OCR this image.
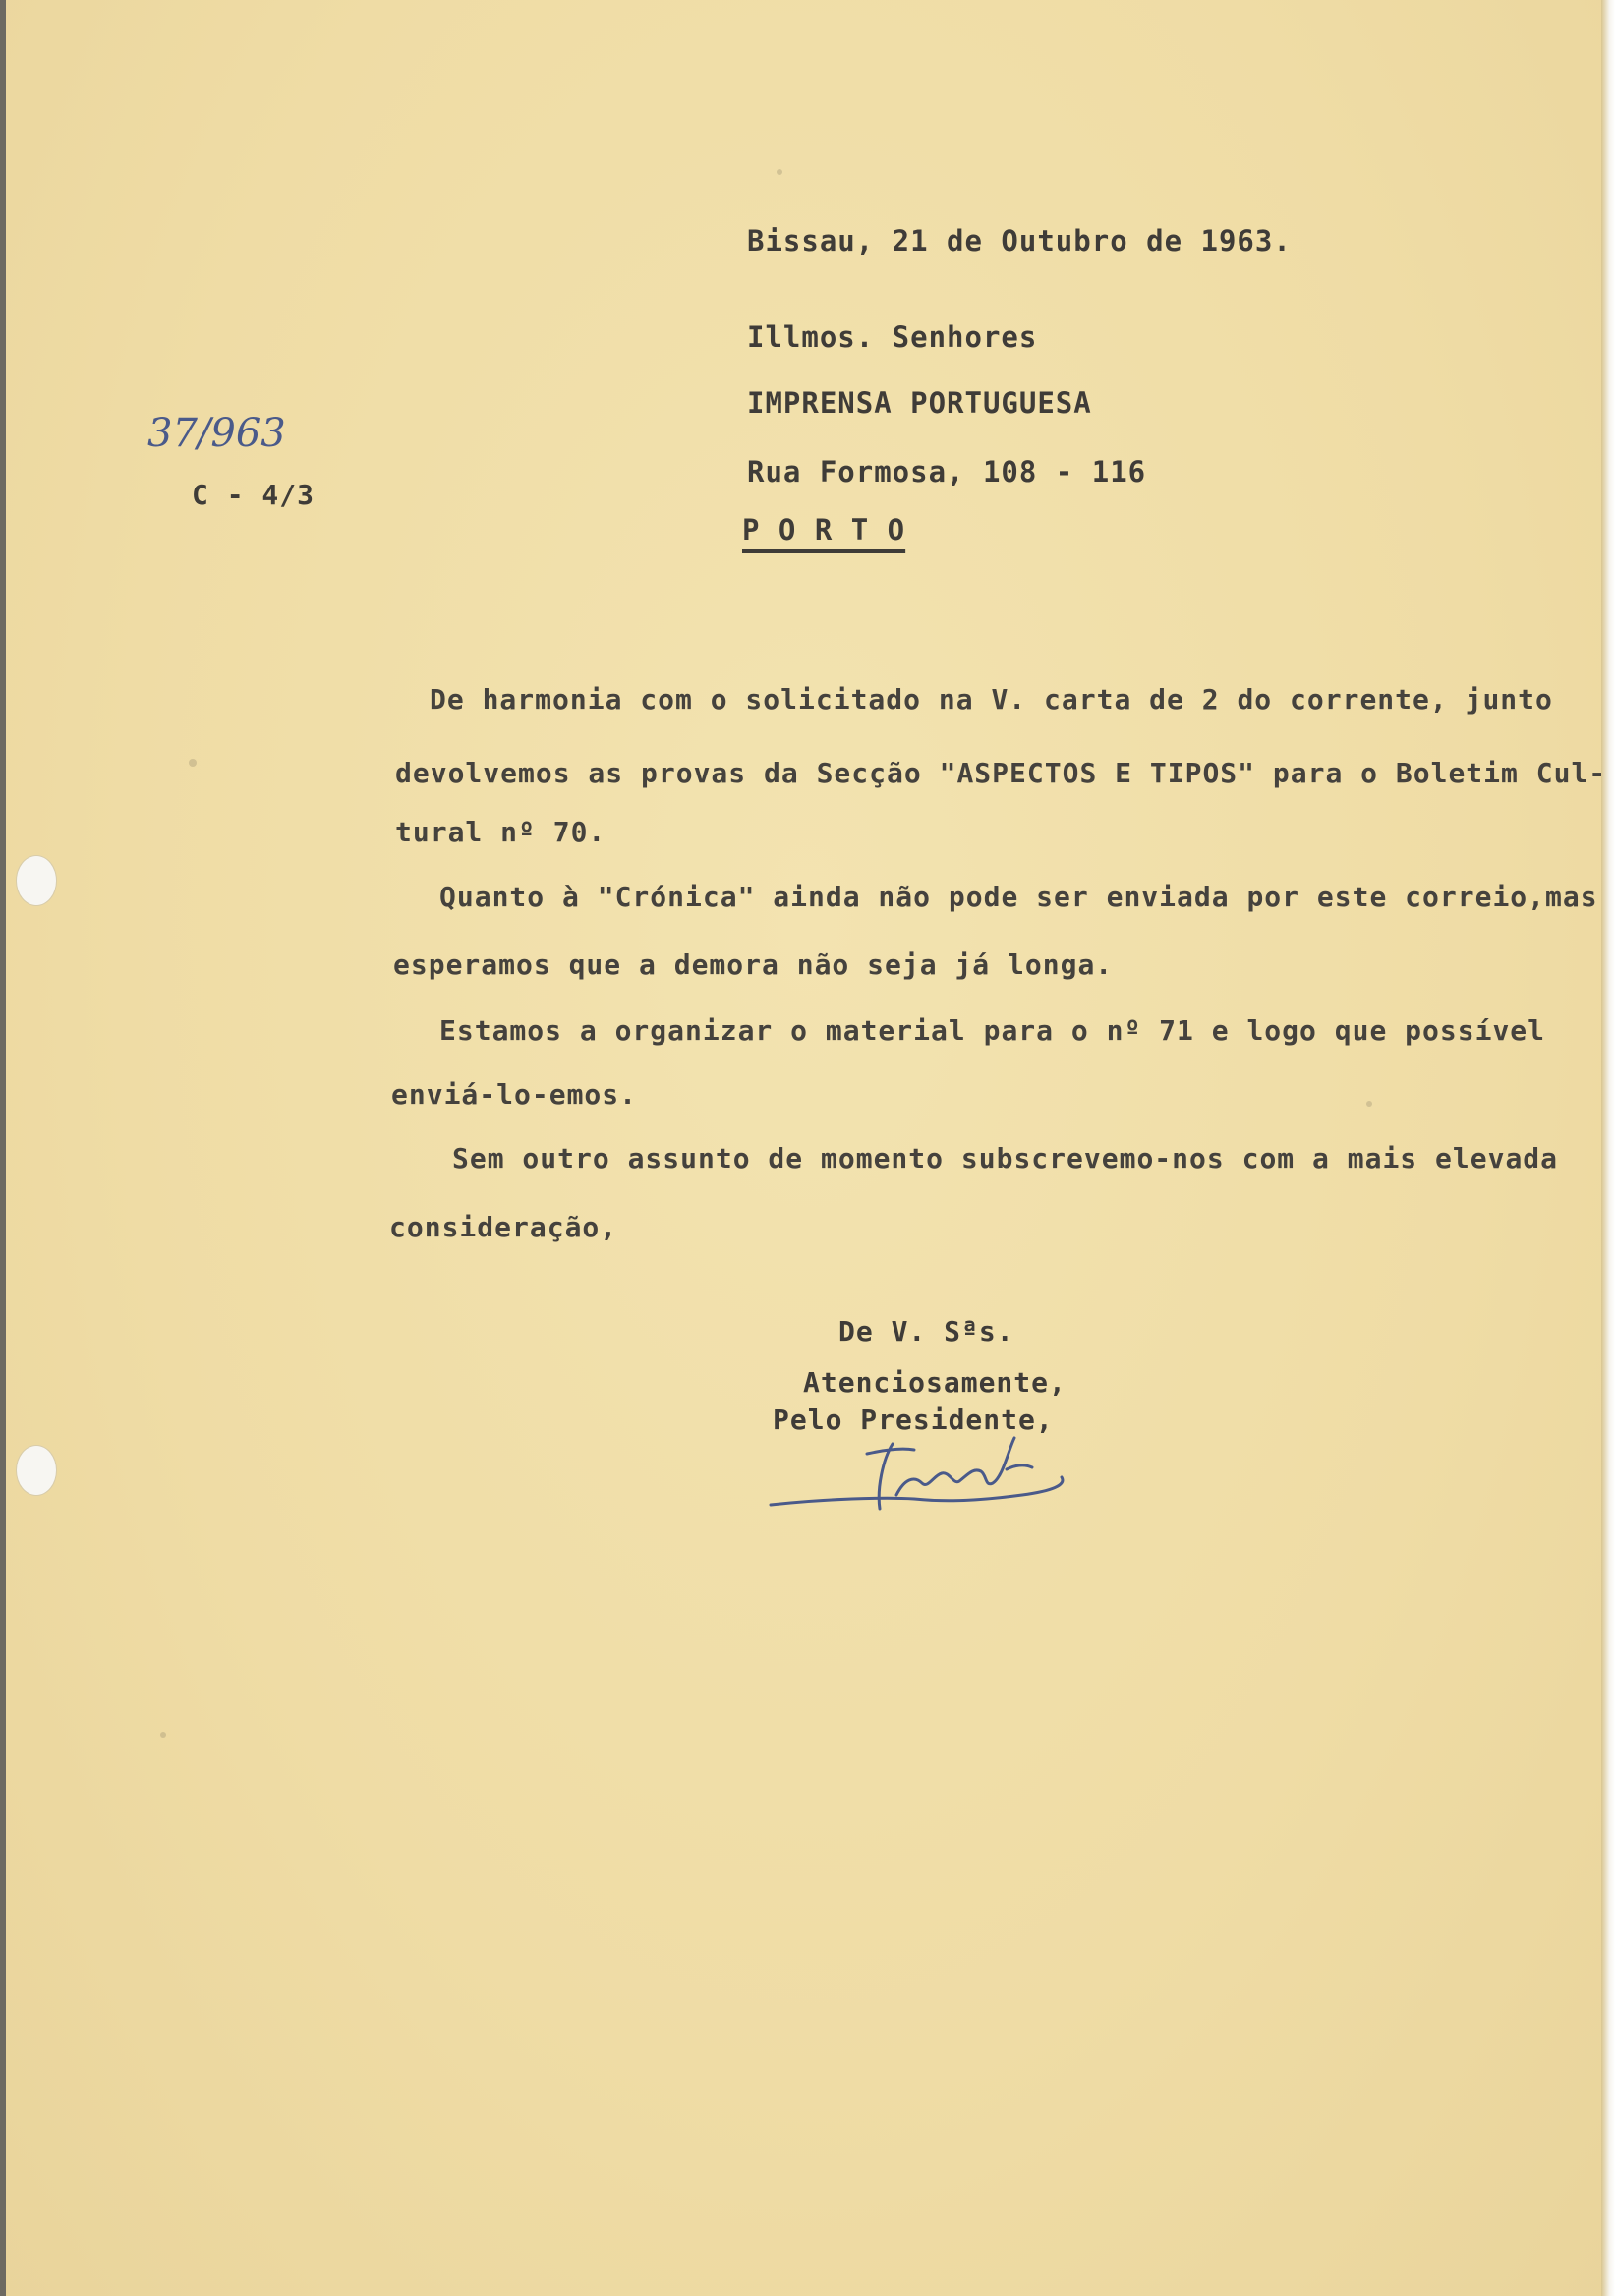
37/963
C - 4/3
Bissau, 21 de Outubro de 1963.
Illmos. Senhores
IMPRENSA PORTUGUESA
Rua Formosa, 108 - 116
P O R T O
De harmonia com o solicitado na V. carta de 2 do corrente, junto
devolvemos as provas da Secção "ASPECTOS E TIPOS" para o Boletim Cul-
tural nº 70.
Quanto à "Crónica" ainda não pode ser enviada por este correio,mas
esperamos que a demora não seja já longa.
Estamos a organizar o material para o nº 71 e logo que possível
enviá-lo-emos.
Sem outro assunto de momento subscrevemo-nos com a mais elevada
consideração,
De V. Sªs.
Atenciosamente,
Pelo Presidente,
